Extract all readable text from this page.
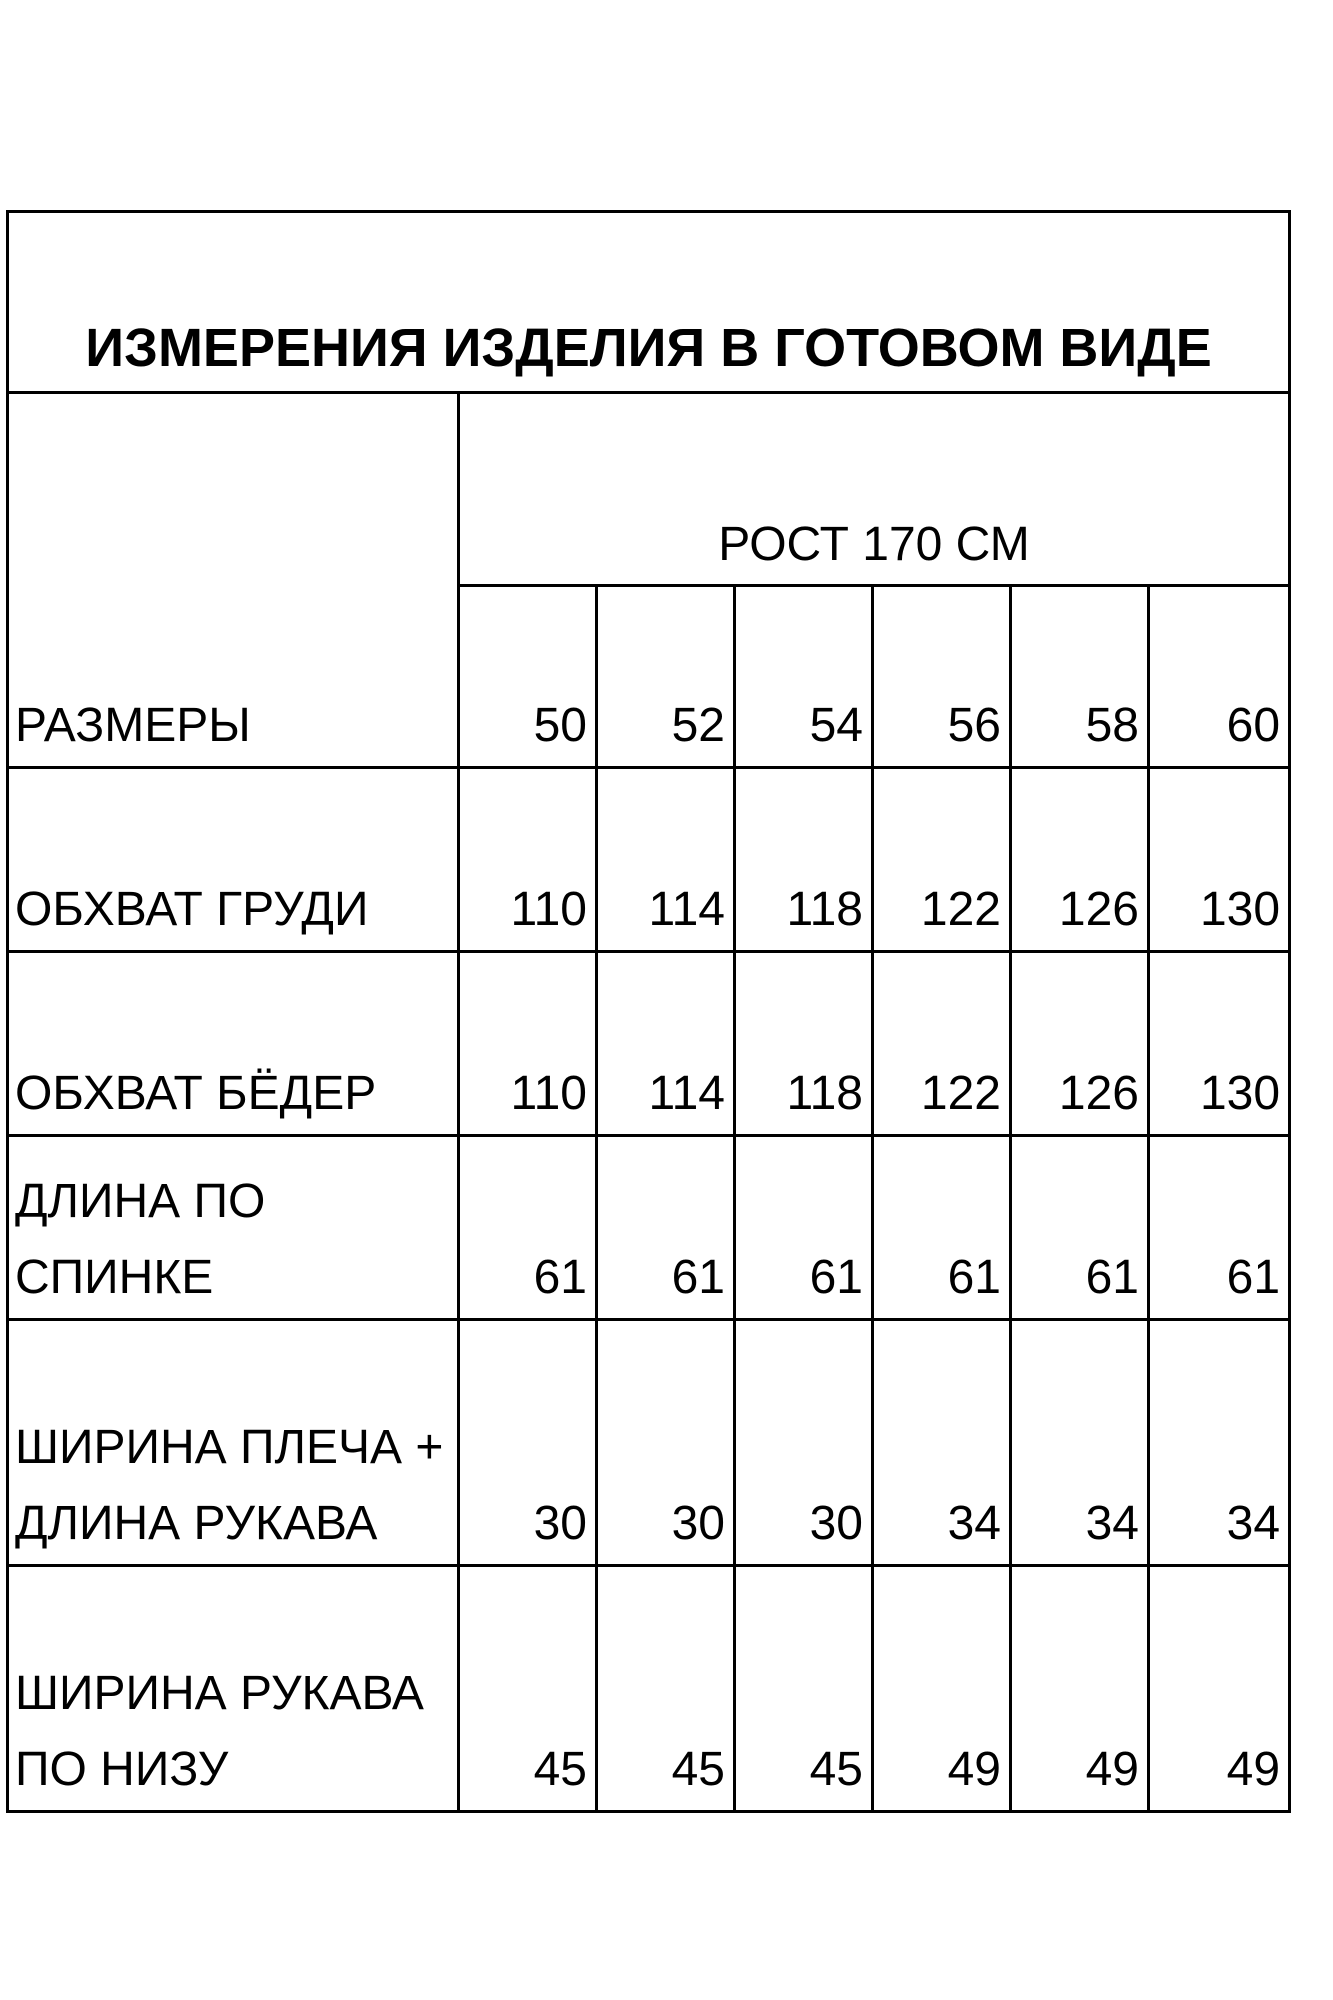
ИЗМЕРЕНИЯ ИЗДЕЛИЯ В ГОТОВОМ ВИДЕ						
РАЗМЕРЫ	РОСТ 170 СМ					
	50	52	54	56	58	60
ОБХВАТ ГРУДИ	110	114	118	122	126	130
ОБХВАТ БЁДЕР	110	114	118	122	126	130
ДЛИНА ПО СПИНКЕ	61	61	61	61	61	61
ШИРИНА ПЛЕЧА + ДЛИНА РУКАВА	30	30	30	34	34	34
ШИРИНА РУКАВА ПО НИЗУ	45	45	45	49	49	49
